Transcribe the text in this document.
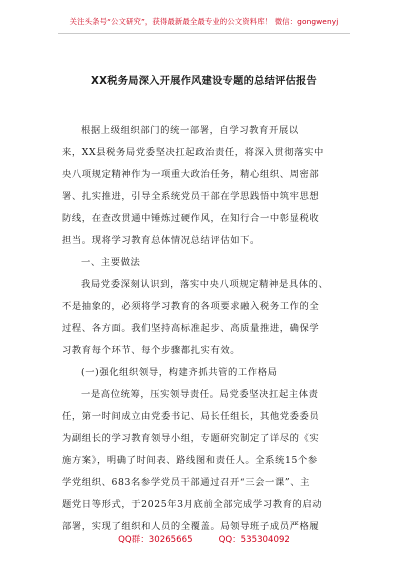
关注头条号“公文研究”，获得最新最全最专业的公文资料库！ 微信：gongwenyj
XX税务局深入开展作风建设专题的总结评估报告
根据上级组织部门的统一部署，自学习教育开展以
来，XX县税务局党委坚决扛起政治责任，将深入贯彻落实中
央八项规定精神作为一项重大政治任务，精心组织、周密部
署、扎实推进，引导全系统党员干部在学思践悟中筑牢思想
防线，在查改贯通中锤炼过硬作风，在知行合一中彰显税收
担当。现将学习教育总体情况总结评估如下。
一、主要做法
我局党委深刻认识到，落实中央八项规定精神是具体的、
不是抽象的，必须将学习教育的各项要求融入税务工作的全
过程、各方面。我们坚持高标准起步、高质量推进，确保学
习教育每个环节、每个步骤都扎实有效。
(一)强化组织领导，构建齐抓共管的工作格局
一是高位统筹，压实领导责任。局党委坚决扛起主体责
任，第一时间成立由党委书记、局长任组长，其他党委委员
为副组长的学习教育领导小组，专题研究制定了详尽的《实
施方案》，明确了时间表、路线图和责任人。全系统15个参
学党组织、683名参学党员干部通过召开“三会一课”、主
题党日等形式，于2025年3月底前全部完成学习教育的启动
部署，实现了组织和人员的全覆盖。局领导班子成员严格履
QQ群：30265665	QQ：535304092
